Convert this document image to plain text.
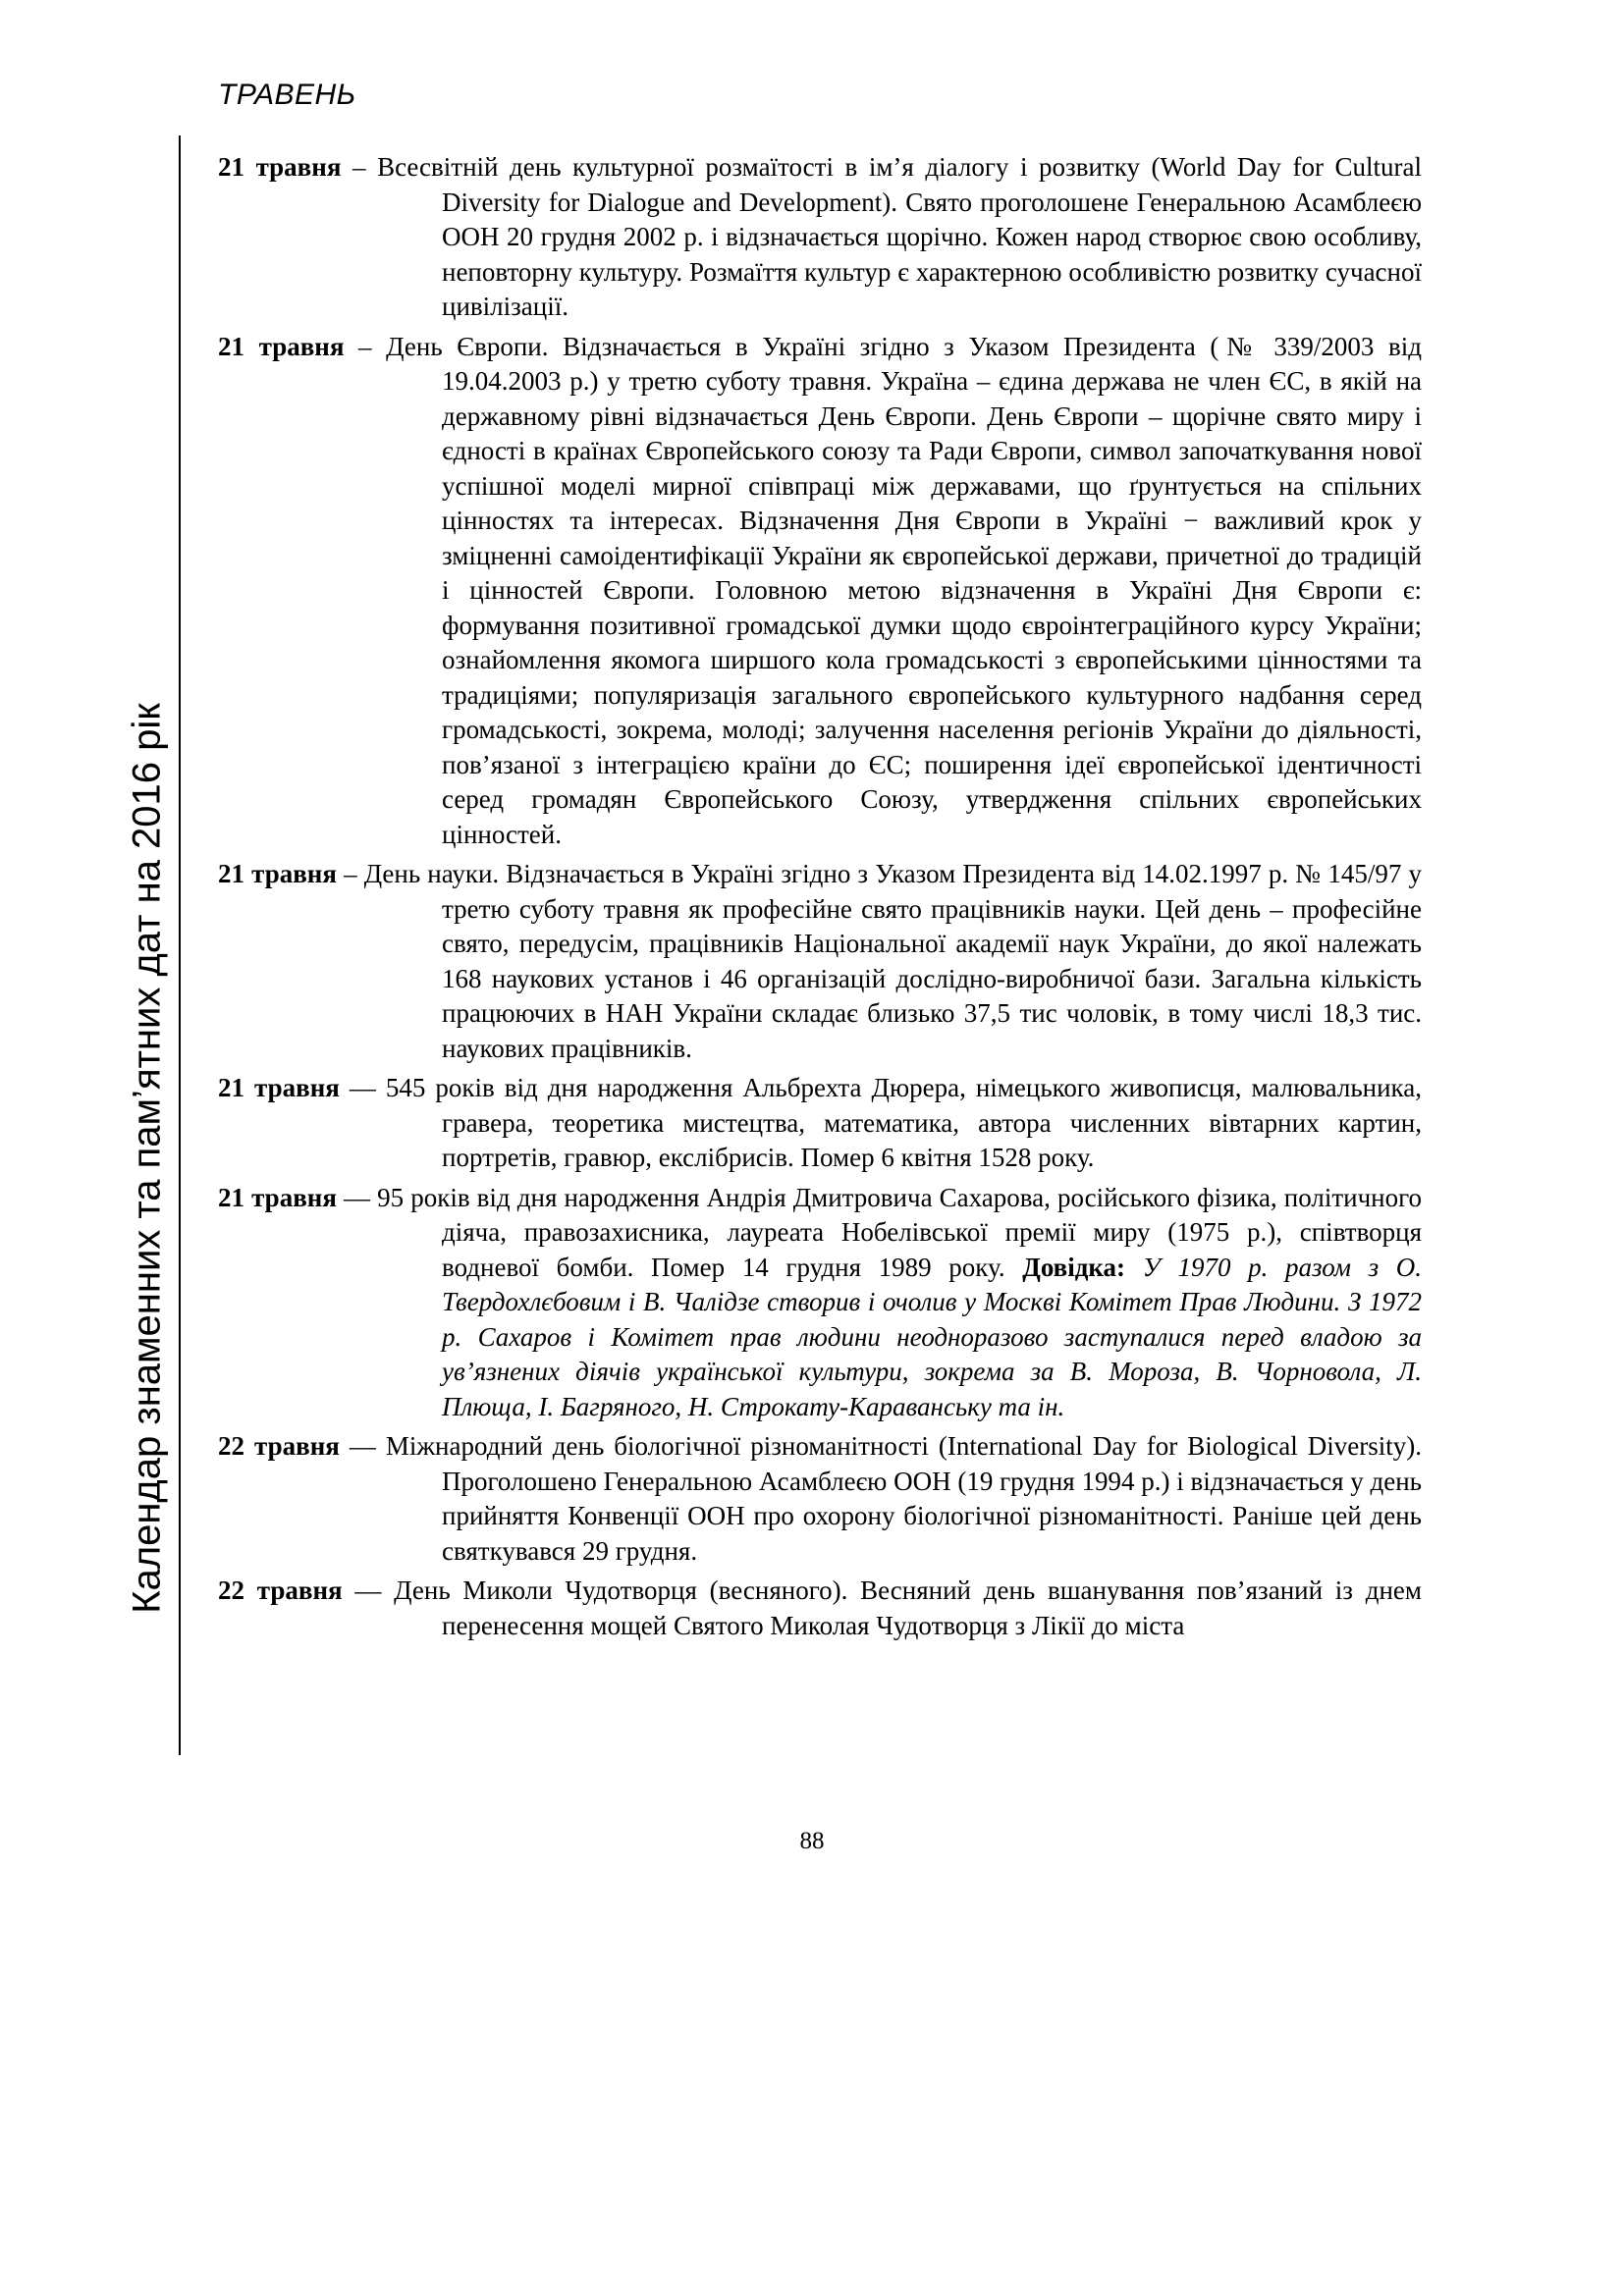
ТРАВЕНЬ
Календар знаменних та пам’ятних дат на 2016 рік

21 травня – Всесвітній день культурної розмаїтості в ім’я діалогу і розвитку (World Day for Cultural Diversity for Dialogue and Development). Свято проголошене Генеральною Асамблеєю ООН 20 грудня 2002 р. і відзначається щорічно. Кожен народ створює свою особливу, неповторну культуру. Розмаїття культур є характерною особливістю розвитку сучасної цивілізації.

21 травня – День Європи. Відзначається в Україні згідно з Указом Президента (№ 339/2003 від 19.04.2003 р.) у третю суботу травня. Україна – єдина держава не член ЄС, в якій на державному рівні відзначається День Європи. День Європи – щорічне свято миру і єдності в країнах Європейського союзу та Ради Європи, символ започаткування нової успішної моделі мирної співпраці між державами, що ґрунтується на спільних цінностях та інтересах. Відзначення Дня Європи в Україні − важливий крок у зміцненні самоідентифікації України як європейської держави, причетної до традицій і цінностей Європи. Головною метою відзначення в Україні Дня Європи є: формування позитивної громадської думки щодо євроінтеграційного курсу України; ознайомлення якомога ширшого кола громадськості з європейськими цінностями та традиціями; популяризація загального європейського культурного надбання серед громадськості, зокрема, молоді; залучення населення регіонів України до діяльності, пов’язаної з інтеграцією країни до ЄС; поширення ідеї європейської ідентичності серед громадян Європейського Союзу, утвердження спільних європейських цінностей.

21 травня – День науки. Відзначається в Україні згідно з Указом Президента від 14.02.1997 р. № 145/97 у третю суботу травня як професійне свято працівників науки. Цей день – професійне свято, передусім, працівників Національної академії наук України, до якої належать 168 наукових установ і 46 організацій дослідно-виробничої бази. Загальна кількість працюючих в НАН України складає близько 37,5 тис чоловік, в тому числі 18,3 тис. наукових працівників.

21 травня — 545 років від дня народження Альбрехта Дюрера, німецького живописця, малювальника, гравера, теоретика мистецтва, математика, автора численних вівтарних картин, портретів, гравюр, екслібрисів. Помер 6 квітня 1528 року.

21 травня — 95 років від дня народження Андрія Дмитровича Сахарова, російського фізика, політичного діяча, правозахисника, лауреата Нобелівської премії миру (1975 р.), співтворця водневої бомби. Помер 14 грудня 1989 року. Довідка: У 1970 р. разом з О. Твердохлєбовим і В. Чалідзе створив і очолив у Москві Комітет Прав Людини. З 1972 р. Сахаров і Комітет прав людини неодноразово заступалися перед владою за ув’язнених діячів української культури, зокрема за В. Мороза, В. Чорновола, Л. Плюща, І. Багряного, Н. Строкату-Караванську та ін.

22 травня — Міжнародний день біологічної різноманітності (International Day for Biological Diversity). Проголошено Генеральною Асамблеєю ООН (19 грудня 1994 р.) і відзначається у день прийняття Конвенції ООН про охорону біологічної різноманітності. Раніше цей день святкувався 29 грудня.

22 травня — День Миколи Чудотворця (весняного). Весняний день вшанування пов’язаний із днем перенесення мощей Святого Миколая Чудотворця з Лікії до міста

88
